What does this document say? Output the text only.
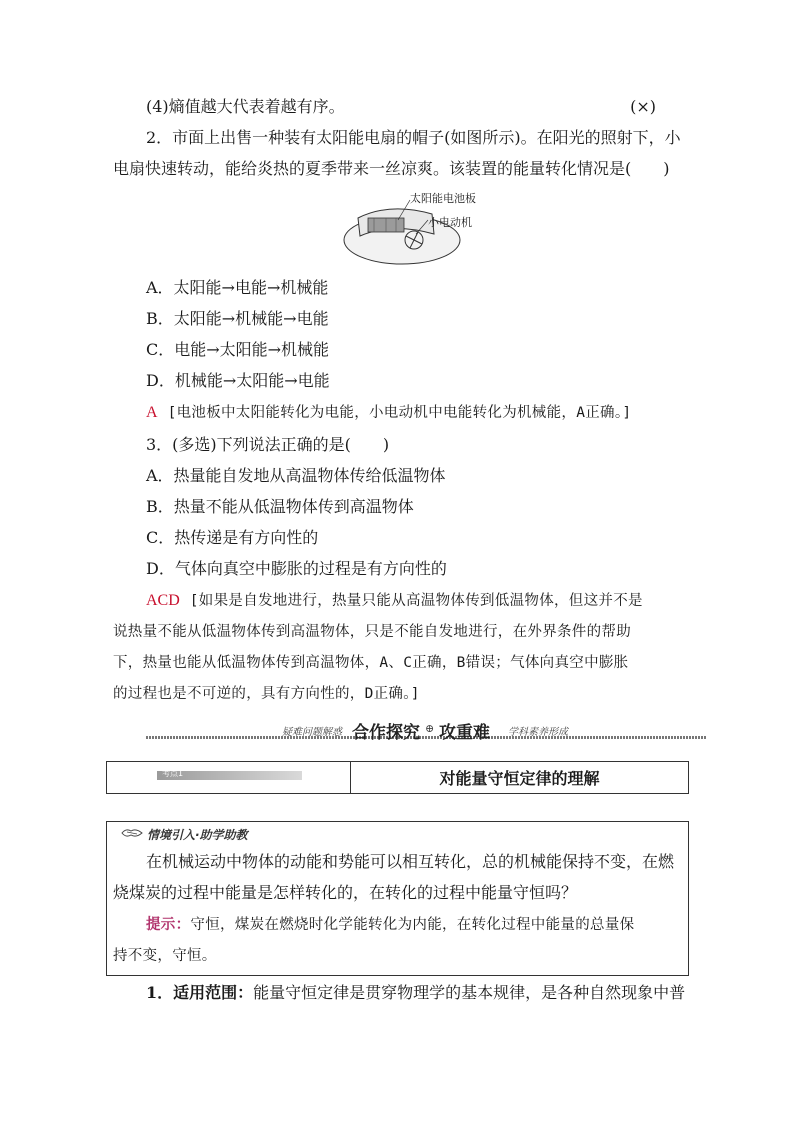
(4)熵值越大代表着越有序。	(×)
2．市面上出售一种装有太阳能电扇的帽子(如图所示)。在阳光的照射下，小
电扇快速转动，能给炎热的夏季带来一丝凉爽。该装置的能量转化情况是(　　)
太阳能电池板
小电动机
A．太阳能→电能→机械能
B．太阳能→机械能→电能
C．电能→太阳能→机械能
D．机械能→太阳能→电能
A [电池板中太阳能转化为电能，小电动机中电能转化为机械能，A正确。]
3．(多选)下列说法正确的是(　　)
A．热量能自发地从高温物体传给低温物体
B．热量不能从低温物体传到高温物体
C．热传递是有方向性的
D．气体向真空中膨胀的过程是有方向性的
ACD [如果是自发地进行，热量只能从高温物体传到低温物体，但这并不是
说热量不能从低温物体传到高温物体，只是不能自发地进行，在外界条件的帮助
下，热量也能从低温物体传到高温物体，A、C正确，B错误；气体向真空中膨胀
的过程也是不可逆的，具有方向性的，D正确。]
疑难问题解惑 合作探究 ⊕ 攻重难 学科素养形成
考点1	对能量守恒定律的理解
情境引入·助学助教
在机械运动中物体的动能和势能可以相互转化，总的机械能保持不变，在燃
烧煤炭的过程中能量是怎样转化的，在转化的过程中能量守恒吗？
提示：守恒，煤炭在燃烧时化学能转化为内能，在转化过程中能量的总量保
持不变，守恒。
1．适用范围：能量守恒定律是贯穿物理学的基本规律，是各种自然现象中普
